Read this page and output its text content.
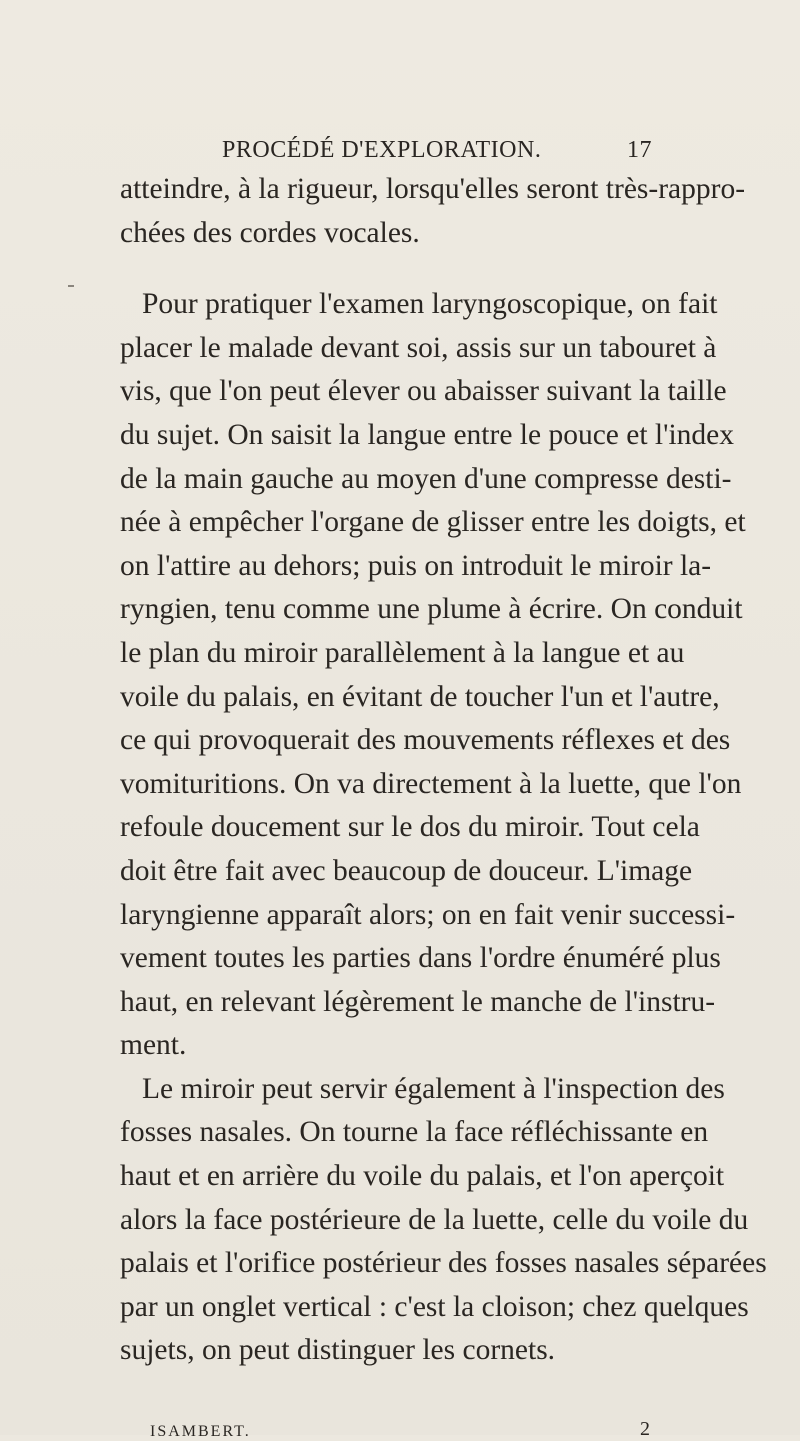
PROCÉDÉ D'EXPLORATION.	17
atteindre, à la rigueur, lorsqu'elles seront très-rappro-
chées des cordes vocales.
Pour pratiquer l'examen laryngoscopique, on fait
placer le malade devant soi, assis sur un tabouret à
vis, que l'on peut élever ou abaisser suivant la taille
du sujet. On saisit la langue entre le pouce et l'index
de la main gauche au moyen d'une compresse desti-
née à empêcher l'organe de glisser entre les doigts, et
on l'attire au dehors; puis on introduit le miroir la-
ryngien, tenu comme une plume à écrire. On conduit
le plan du miroir parallèlement à la langue et au
voile du palais, en évitant de toucher l'un et l'autre,
ce qui provoquerait des mouvements réflexes et des
vomituritions. On va directement à la luette, que l'on
refoule doucement sur le dos du miroir. Tout cela
doit être fait avec beaucoup de douceur. L'image
laryngienne apparaît alors; on en fait venir successi-
vement toutes les parties dans l'ordre énuméré plus
haut, en relevant légèrement le manche de l'instru-
ment.
Le miroir peut servir également à l'inspection des
fosses nasales. On tourne la face réfléchissante en
haut et en arrière du voile du palais, et l'on aperçoit
alors la face postérieure de la luette, celle du voile du
palais et l'orifice postérieur des fosses nasales séparées
par un onglet vertical : c'est la cloison; chez quelques
sujets, on peut distinguer les cornets.
ISAMBERT.	2
